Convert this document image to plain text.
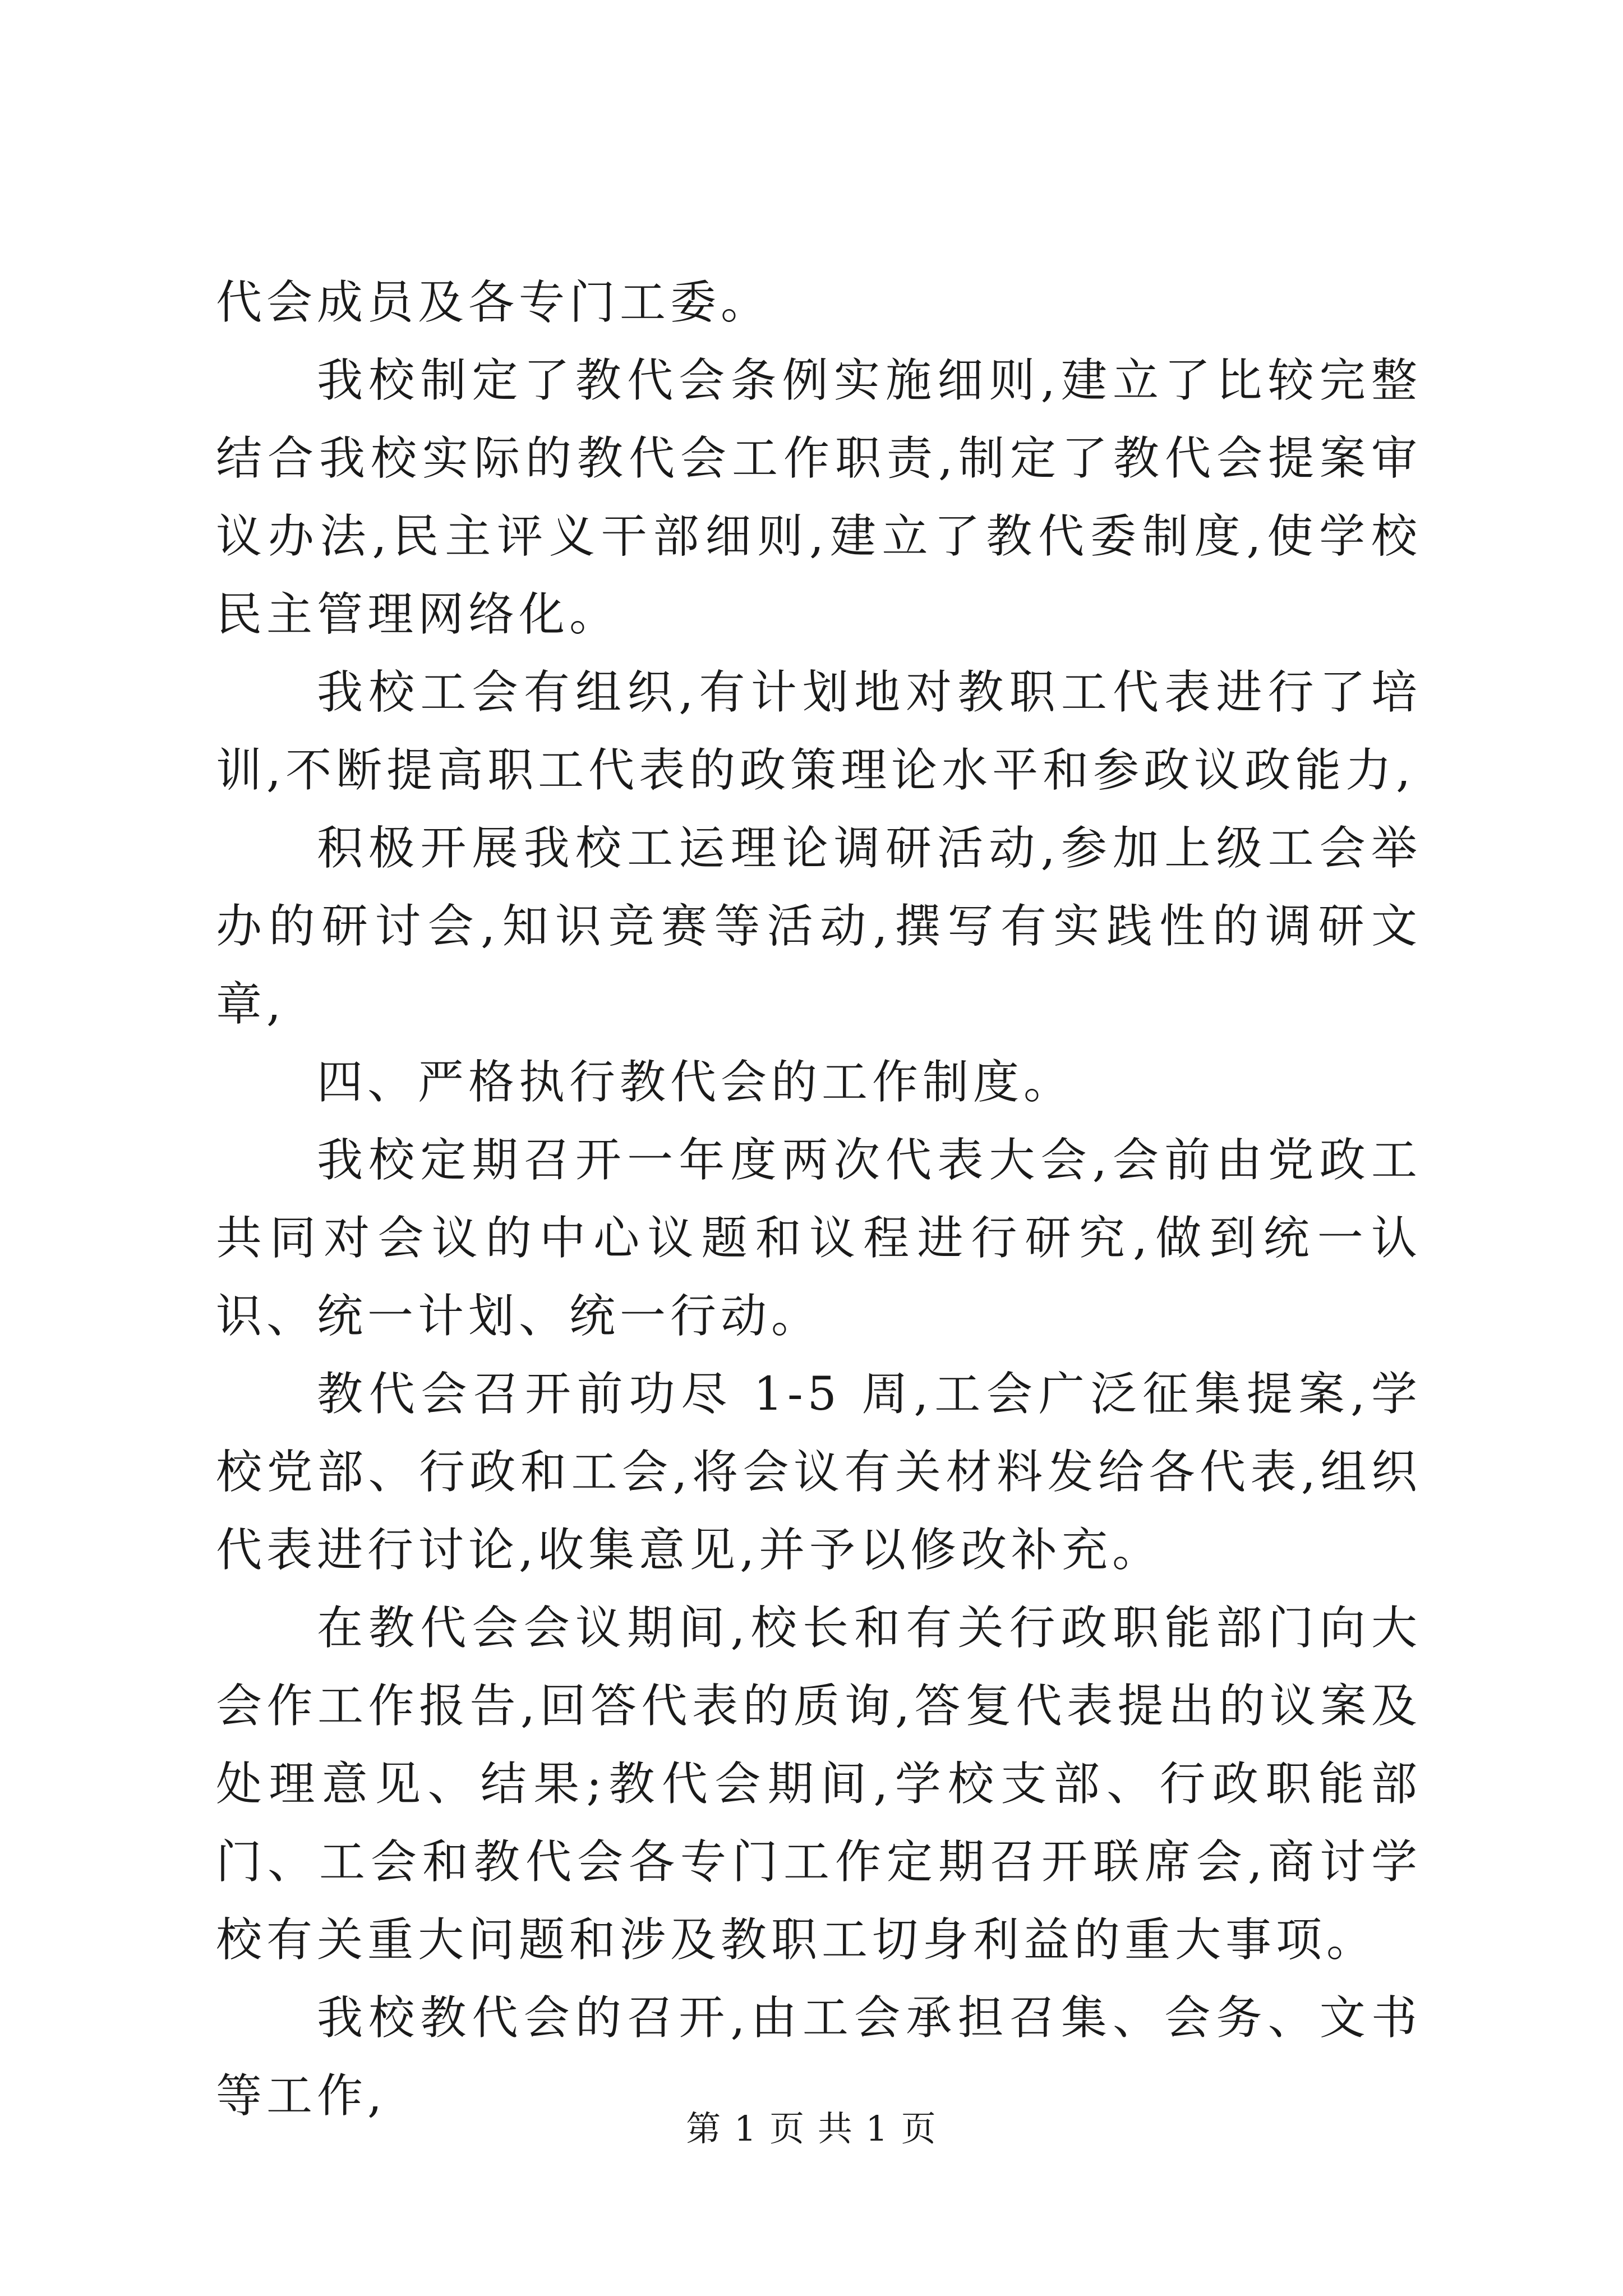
代会成员及各专门工委。

我校制定了教代会条例实施细则,建立了比较完整结合我校实际的教代会工作职责,制定了教代会提案审议办法,民主评义干部细则,建立了教代委制度,使学校民主管理网络化。

我校工会有组织,有计划地对教职工代表进行了培训,不断提高职工代表的政策理论水平和参政议政能力,

积极开展我校工运理论调研活动,参加上级工会举办的研讨会,知识竞赛等活动,撰写有实践性的调研文章,

四、严格执行教代会的工作制度。

我校定期召开一年度两次代表大会,会前由党政工共同对会议的中心议题和议程进行研究,做到统一认识、统一计划、统一行动。

教代会召开前功尽 1-5 周,工会广泛征集提案,学校党部、行政和工会,将会议有关材料发给各代表,组织代表进行讨论,收集意见,并予以修改补充。

在教代会会议期间,校长和有关行政职能部门向大会作工作报告,回答代表的质询,答复代表提出的议案及处理意见、结果;教代会期间,学校支部、行政职能部门、工会和教代会各专门工作定期召开联席会,商讨学校有关重大问题和涉及教职工切身利益的重大事项。

我校教代会的召开,由工会承担召集、会务、文书等工作,

第 1 页 共 1 页
